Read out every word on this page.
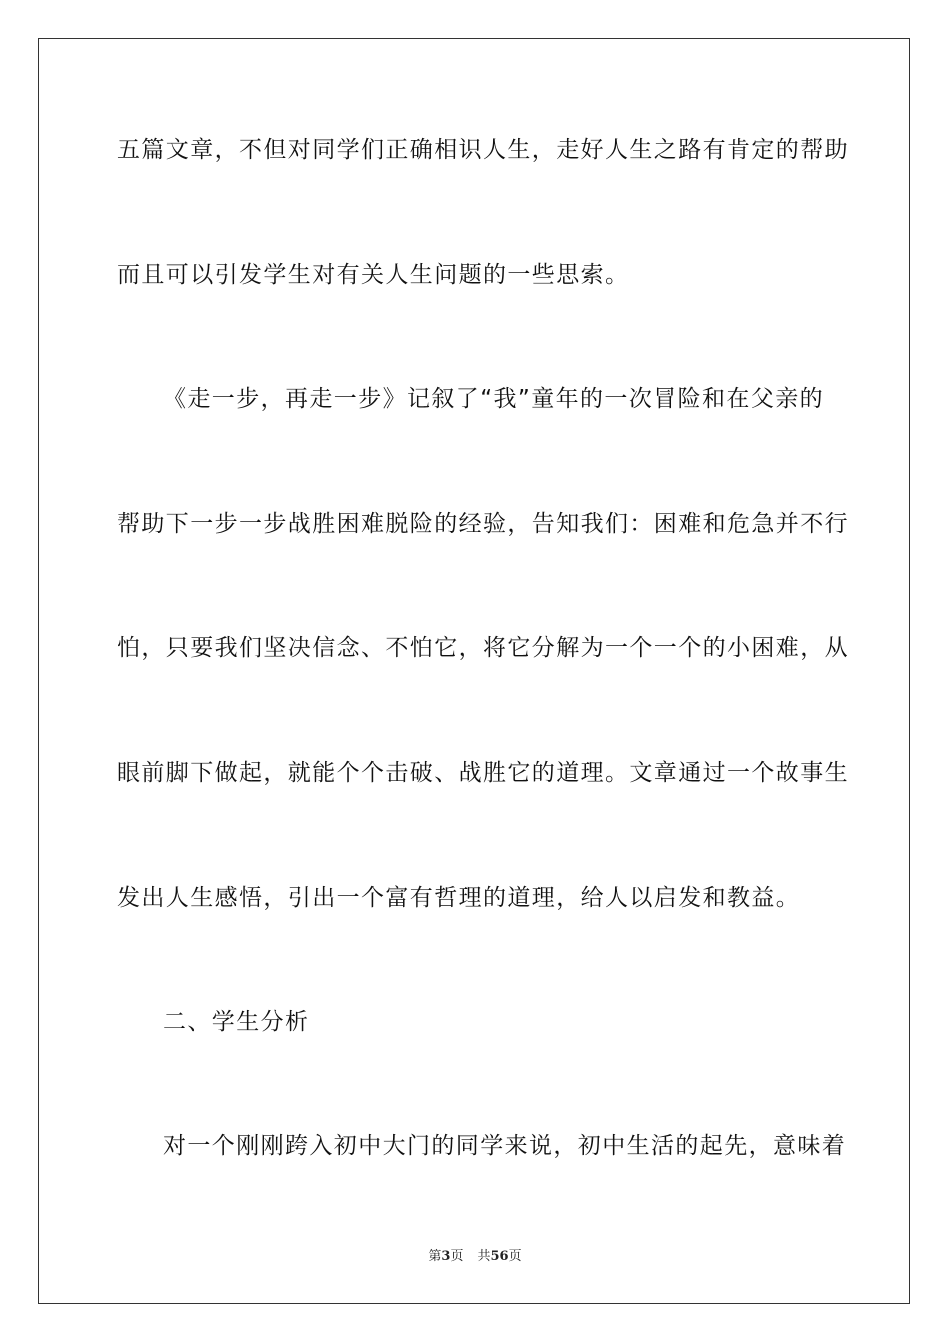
五篇文章，不但对同学们正确相识人生，走好人生之路有肯定的帮助
而且可以引发学生对有关人生问题的一些思索。
《走一步，再走一步》记叙了“我”童年的一次冒险和在父亲的
帮助下一步一步战胜困难脱险的经验，告知我们：困难和危急并不行
怕，只要我们坚决信念、不怕它，将它分解为一个一个的小困难，从
眼前脚下做起，就能个个击破、战胜它的道理。文章通过一个故事生
发出人生感悟，引出一个富有哲理的道理，给人以启发和教益。
二、学生分析
对一个刚刚跨入初中大门的同学来说，初中生活的起先，意味着
第3页 共56页
